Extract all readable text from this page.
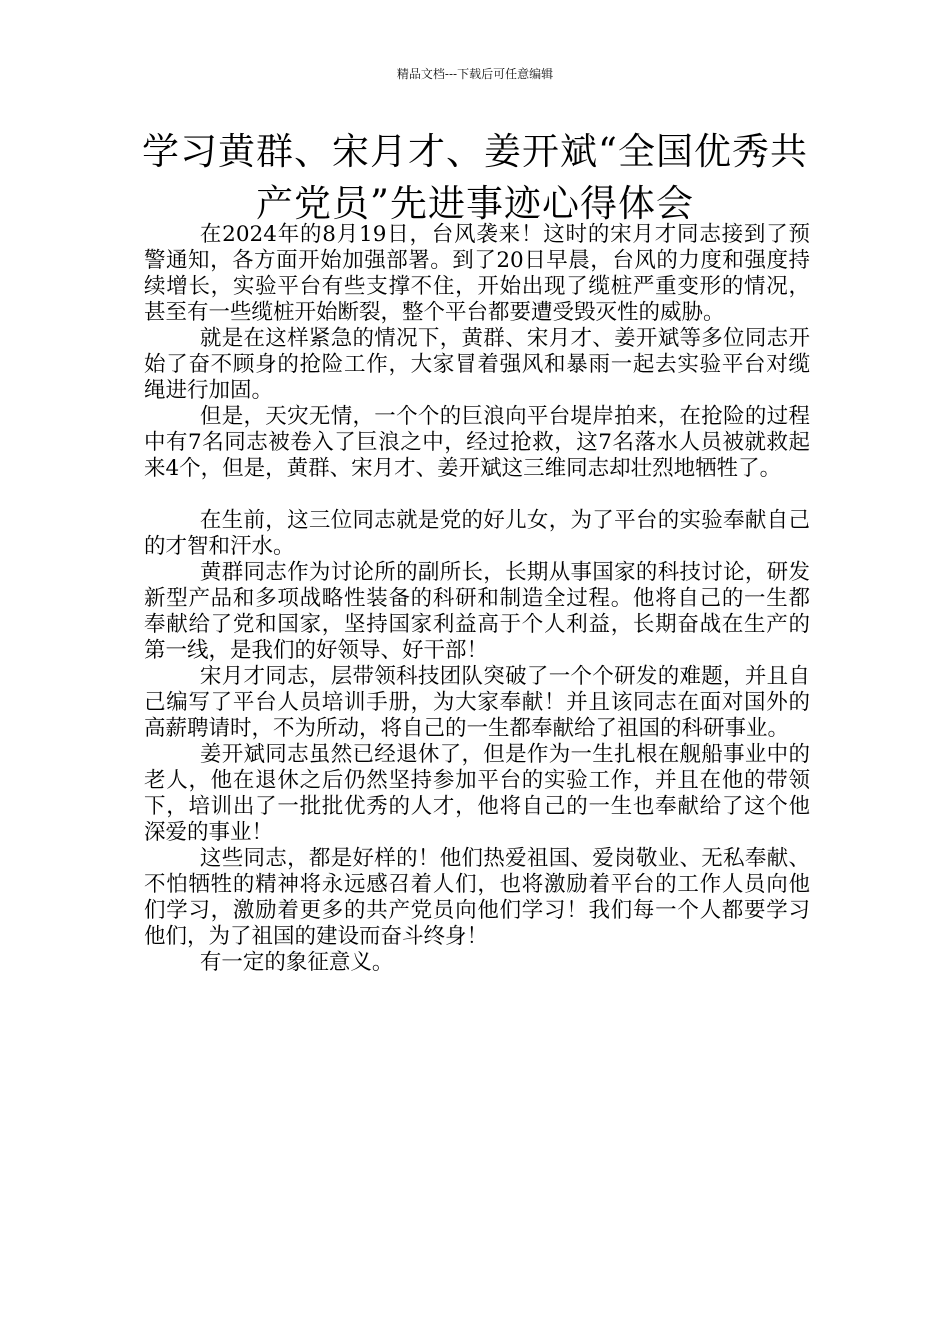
精品文档---下载后可任意编辑
学习黄群、宋月才、姜开斌“全国优秀共产党员”先进事迹心得体会

在2024年的8月19日，台风袭来！这时的宋月才同志接到了预警通知，各方面开始加强部署。到了20日早晨，台风的力度和强度持续增长，实验平台有些支撑不住，开始出现了缆桩严重变形的情况，甚至有一些缆桩开始断裂，整个平台都要遭受毁灭性的威胁。

就是在这样紧急的情况下，黄群、宋月才、姜开斌等多位同志开始了奋不顾身的抢险工作，大家冒着强风和暴雨一起去实验平台对缆绳进行加固。

但是，天灾无情，一个个的巨浪向平台堤岸拍来，在抢险的过程中有7名同志被卷入了巨浪之中，经过抢救，这7名落水人员被就救起来4个，但是，黄群、宋月才、姜开斌这三维同志却壮烈地牺牲了。

在生前，这三位同志就是党的好儿女，为了平台的实验奉献自己的才智和汗水。

黄群同志作为讨论所的副所长，长期从事国家的科技讨论，研发新型产品和多项战略性装备的科研和制造全过程。他将自己的一生都奉献给了党和国家，坚持国家利益高于个人利益，长期奋战在生产的第一线，是我们的好领导、好干部！

宋月才同志，层带领科技团队突破了一个个研发的难题，并且自己编写了平台人员培训手册，为大家奉献！并且该同志在面对国外的高薪聘请时，不为所动，将自己的一生都奉献给了祖国的科研事业。

姜开斌同志虽然已经退休了，但是作为一生扎根在舰船事业中的老人，他在退休之后仍然坚持参加平台的实验工作，并且在他的带领下，培训出了一批批优秀的人才，他将自己的一生也奉献给了这个他深爱的事业！

这些同志，都是好样的！他们热爱祖国、爱岗敬业、无私奉献、不怕牺牲的精神将永远感召着人们，也将激励着平台的工作人员向他们学习，激励着更多的共产党员向他们学习！我们每一个人都要学习他们，为了祖国的建设而奋斗终身！

有一定的象征意义。
